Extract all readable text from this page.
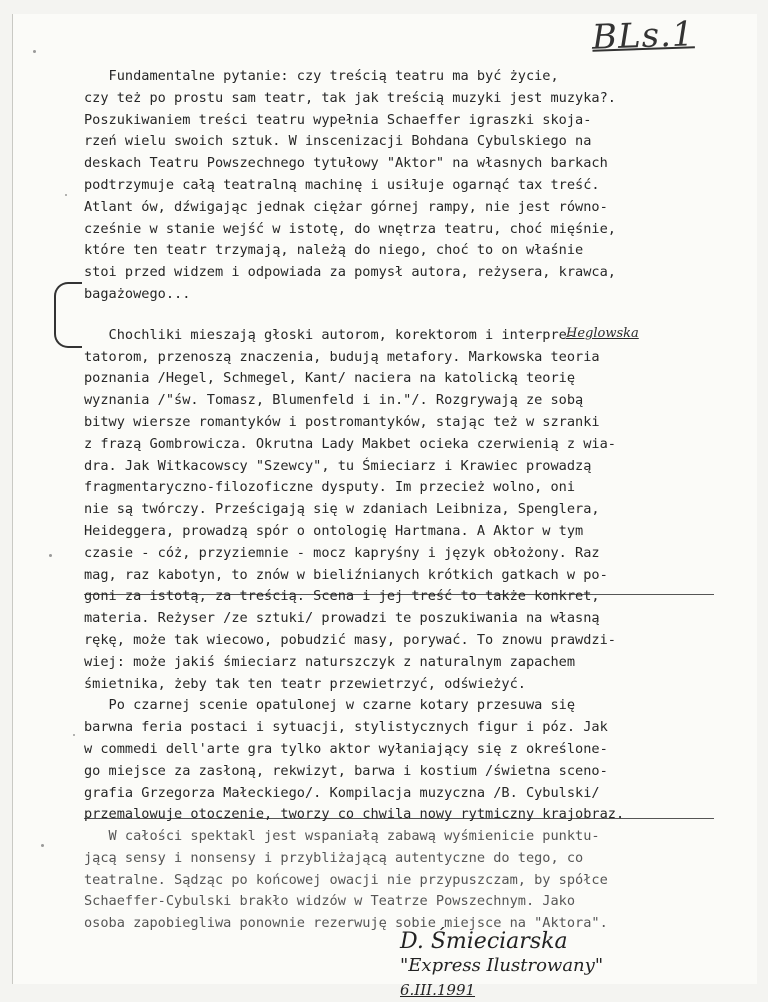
BLs.1
Heglowska
Fundamentalne pytanie: czy treścią teatru ma być życie,
czy też po prostu sam teatr, tak jak treścią muzyki jest muzyka?.
Poszukiwaniem treści teatru wypełnia Schaeffer igraszki skoja-
rzeń wielu swoich sztuk. W inscenizacji Bohdana Cybulskiego na
deskach Teatru Powszechnego tytułowy "Aktor" na własnych barkach
podtrzymuje całą teatralną machinę i usiłuje ogarnąć tax treść.
Atlant ów, dźwigając jednak ciężar górnej rampy, nie jest równo-
cześnie w stanie wejść w istotę, do wnętrza teatru, choć mięśnie,
które ten teatr trzymają, należą do niego, choć to on właśnie
stoi przed widzem i odpowiada za pomysł autora, reżysera, krawca,
bagażowego...
Chochliki mieszają głoski autorom, korektorom i interpre-
tatorom, przenoszą znaczenia, budują metafory. Markowska teoria
poznania /Hegel, Schmegel, Kant/ nacierа na katolicką teorię
wyznania /"św. Tomasz, Blumenfeld i in."/. Rozgrywają ze sobą
bitwy wiersze romantyków i postromantyków, stając też w szranki
z frazą Gombrowicza. Okrutna Lady Makbet ocieka czerwienią z wia-
dra. Jak Witkacowscy "Szewcy", tu Śmieciarz i Krawiec prowadzą
fragmentaryczno-filozoficzne dysputy. Im przecież wolno, oni
nie są twórczy. Prześcigają się w zdaniach Leibniza, Spenglera,
Heideggera, prowadzą spór o ontologię Hartmana. A Aktor w tym
czasie - cóż, przyziemnie - mocz kapryśny i język obłożony. Raz
mag, raz kabotyn, to znów w bieliźnianych krótkich gatkach w po-
goni za istotą, za treścią. Scena i jej treść to także konkret,
materia. Reżyser /ze sztuki/ prowadzi te poszukiwania na własną
rękę, może tak wiecowo, pobudzić masy, porywać. To znowu prawdzi-
wiej: może jakiś śmieciarz naturszczyk z naturalnym zapachem
śmietnika, żeby tak ten teatr przewietrzyć, odświeżyć.
Po czarnej scenie opatulonej w czarne kotary przesuwa się
barwna feria postaci i sytuacji, stylistycznych figur i póz. Jak
w commedi dell'arte gra tylko aktor wyłaniający się z określone-
go miejsce za zasłoną, rekwizyt, barwa i kostium /świetna sceno-
grafia Grzegorza Małeckiego/. Kompilacja muzyczna /B. Cybulski/
przemalowuje otoczenie, tworzy co chwila nowy rytmiczny krajobraz.
W całości spektakl jest wspaniałą zabawą wyśmienicie punktu-
jącą sensy i nonsensy i przybliżającą autentyczne do tego, co
teatralne. Sądząc po końcowej owacji nie przypuszczam, by spółce
Schaeffer-Cybulski brakło widzów w Teatrze Powszechnym. Jako
osoba zapobiegliwa ponownie rezerwuję sobie miejsce na "Aktora".
D. Śmieciarska
"Express Ilustrowany"
6.III.1991
